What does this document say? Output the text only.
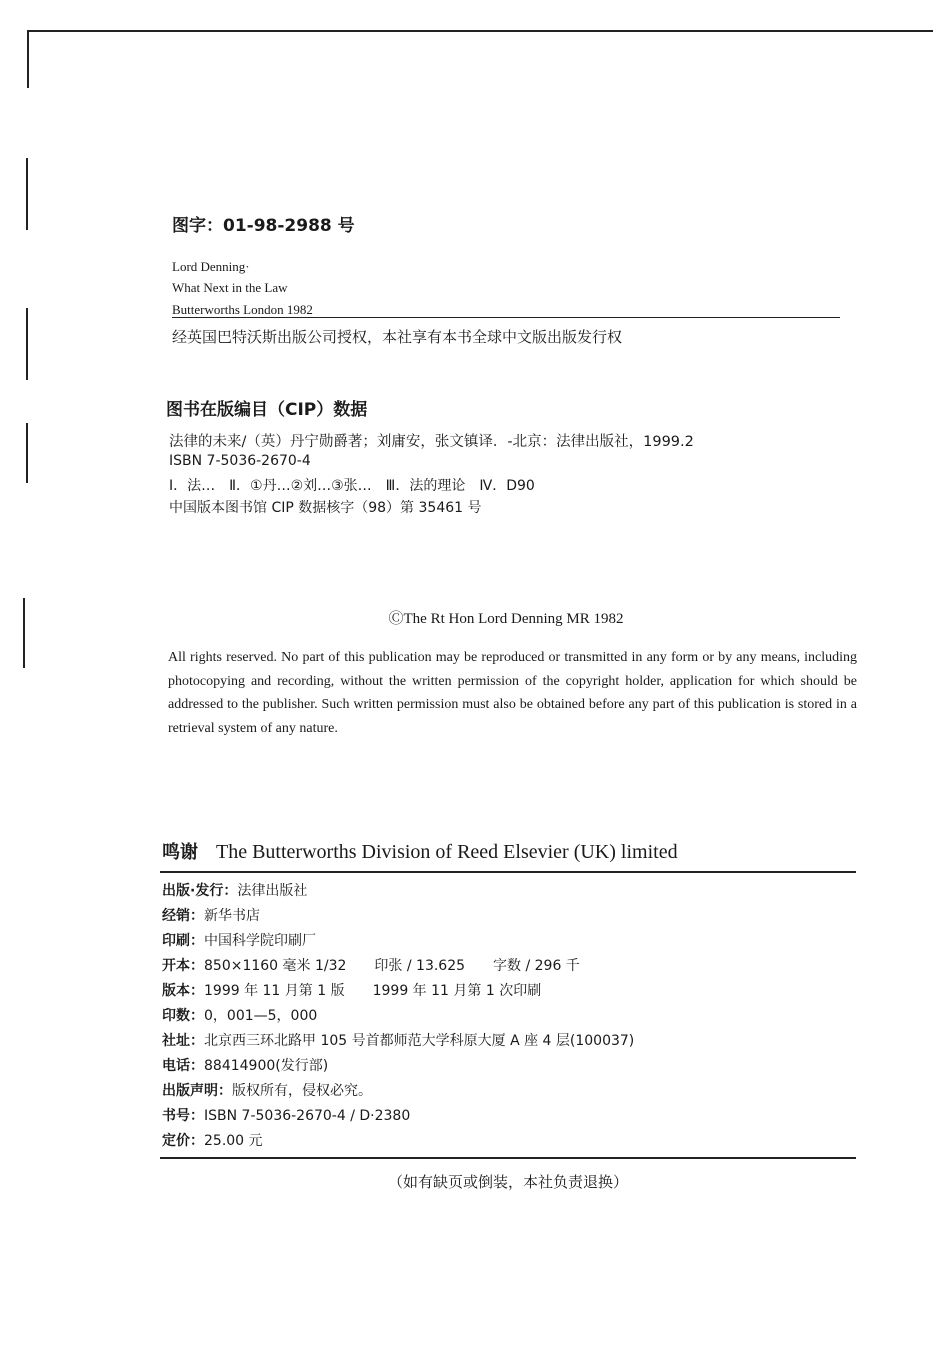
图字：01-98-2988 号
Lord Denning·
What Next in the Law
Butterworths London 1982
经英国巴特沃斯出版公司授权，本社享有本书全球中文版出版发行权
图书在版编目（CIP）数据
法律的未来/（英）丹宁勋爵著；刘庸安，张文镇译．-北京：法律出版社，1999.2
ISBN 7-5036-2670-4
Ⅰ．法…　Ⅱ．①丹…②刘…③张…　Ⅲ．法的理论　Ⅳ．D90
中国版本图书馆 CIP 数据核字（98）第 35461 号
ⒸThe Rt Hon Lord Denning MR 1982
All rights reserved. No part of this publication may be reproduced or transmitted in any form or by any means, including photocopying and recording, without the written permission of the copyright holder, application for which should be addressed to the publisher. Such written permission must also be obtained before any part of this publication is stored in a retrieval system of any nature.
鸣谢 The Butterworths Division of Reed Elsevier (UK) limited
出版·发行：法律出版社
经销：新华书店
印刷：中国科学院印刷厂
开本：850×1160 毫米 1/32　　印张 / 13.625　　字数 / 296 千
版本：1999 年 11 月第 1 版　　1999 年 11 月第 1 次印刷
印数：0，001—5，000
社址：北京西三环北路甲 105 号首都师范大学科原大厦 A 座 4 层(100037)
电话：88414900(发行部)
出版声明：版权所有，侵权必究。
书号：ISBN 7-5036-2670-4 / D·2380
定价：25.00 元
（如有缺页或倒装，本社负责退换）
